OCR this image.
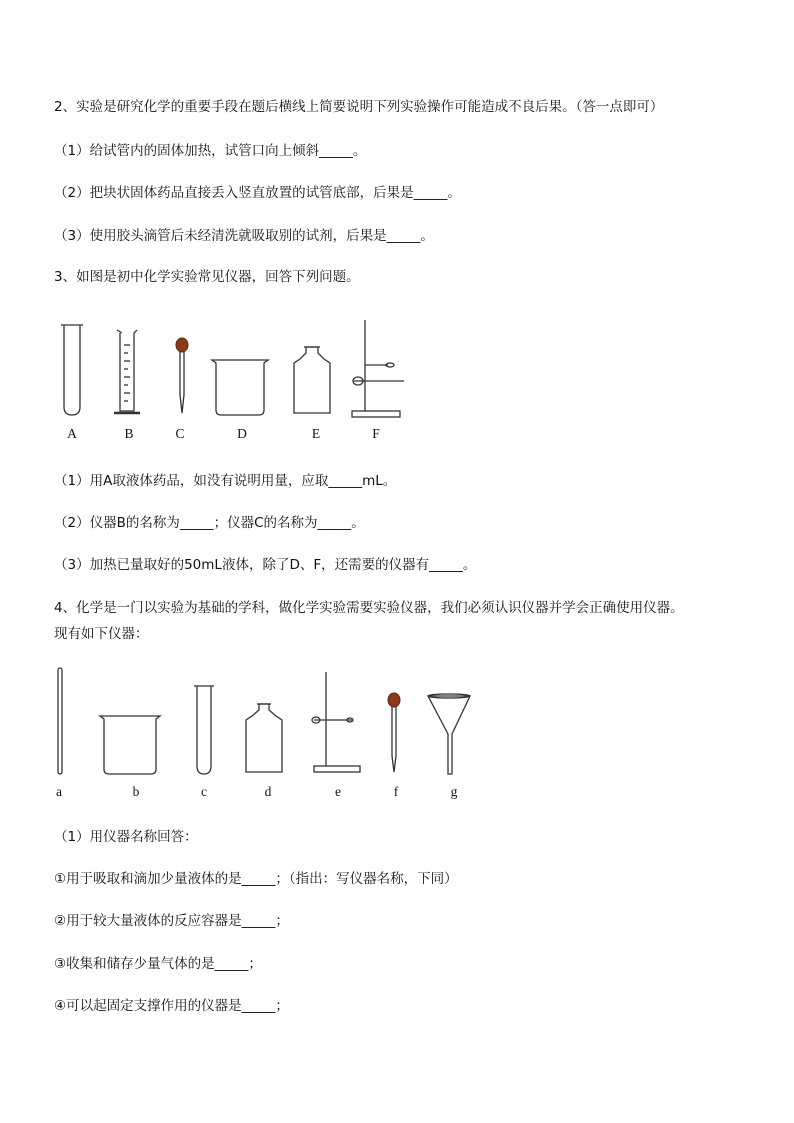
2、实验是研究化学的重要手段在题后横线上简要说明下列实验操作可能造成不良后果。（答一点即可）
（1）给试管内的固体加热，试管口向上倾斜_____。
（2）把块状固体药品直接丢入竖直放置的试管底部，后果是_____。
（3）使用胶头滴管后未经清洗就吸取别的试剂，后果是_____。
3、如图是初中化学实验常见仪器，回答下列问题。
A	B	C	D	E	F
（1）用A取液体药品，如没有说明用量，应取_____mL。
（2）仪器B的名称为_____；仪器C的名称为_____。
（3）加热已量取好的50mL液体，除了D、F，还需要的仪器有_____。
4、化学是一门以实验为基础的学科，做化学实验需要实验仪器，我们必须认识仪器并学会正确使用仪器。
现有如下仪器：
a	b	c	d	e	f	g
（1）用仪器名称回答：
①用于吸取和滴加少量液体的是_____；（指出：写仪器名称，下同）
②用于较大量液体的反应容器是_____；
③收集和储存少量气体的是_____；
④可以起固定支撑作用的仪器是_____；
